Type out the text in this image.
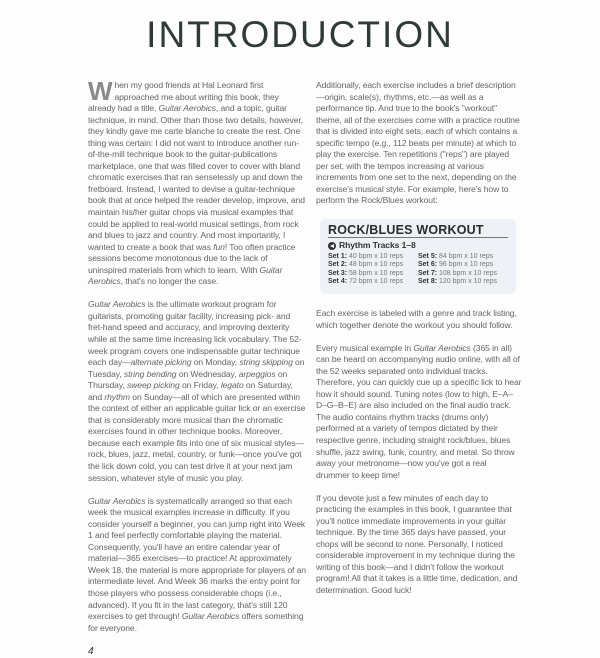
INTRODUCTION

When my good friends at Hal Leonard first approached me about writing this book, they already had a title, Guitar Aerobics, and a topic, guitar technique, in mind. Other than those two details, however, they kindly gave me carte blanche to create the rest. One thing was certain: I did not want to introduce another run-of-the-mill technique book to the guitar-publications marketplace, one that was filled cover to cover with bland chromatic exercises that ran senselessly up and down the fretboard. Instead, I wanted to devise a guitar-technique book that at once helped the reader develop, improve, and maintain his/her guitar chops via musical examples that could be applied to real-world musical settings, from rock and blues to jazz and country. And most importantly, I wanted to create a book that was fun! Too often practice sessions become monotonous due to the lack of uninspired materials from which to learn. With Guitar Aerobics, that's no longer the case.

Guitar Aerobics is the ultimate workout program for guitarists, promoting guitar facility, increasing pick- and fret-hand speed and accuracy, and improving dexterity while at the same time increasing lick vocabulary. The 52-week program covers one indispensable guitar technique each day—alternate picking on Monday, string skipping on Tuesday, string bending on Wednesday, arpeggios on Thursday, sweep picking on Friday, legato on Saturday, and rhythm on Sunday—all of which are presented within the context of either an applicable guitar lick or an exercise that is considerably more musical than the chromatic exercises found in other technique books. Moreover, because each example fits into one of six musical styles—rock, blues, jazz, metal, country, or funk—once you've got the lick down cold, you can test drive it at your next jam session, whatever style of music you play.

Guitar Aerobics is systematically arranged so that each week the musical examples increase in difficulty. If you consider yourself a beginner, you can jump right into Week 1 and feel perfectly comfortable playing the material. Consequently, you'll have an entire calendar year of material—365 exercises—to practice! At approximately Week 18, the material is more appropriate for players of an intermediate level. And Week 36 marks the entry point for those players who possess considerable chops (i.e., advanced). If you fit in the last category, that's still 120 exercises to get through! Guitar Aerobics offers something for everyone.

4

Additionally, each exercise includes a brief description—origin, scale(s), rhythms, etc.—as well as a performance tip. And true to the book's "workout" theme, all of the exercises come with a practice routine that is divided into eight sets, each of which contains a specific tempo (e.g., 112 beats per minute) at which to play the exercise. Ten repetitions ("reps") are played per set, with the tempos increasing at various increments from one set to the next, depending on the exercise's musical style. For example, here's how to perform the Rock/Blues workout:

ROCK/BLUES WORKOUT
Rhythm Tracks 1–8
Set 1: 40 bpm x 10 reps	Set 5: 84 bpm x 10 reps
Set 2: 48 bpm x 10 reps	Set 6: 96 bpm x 10 reps
Set 3: 58 bpm x 10 reps	Set 7: 108 bpm x 10 reps
Set 4: 72 bpm x 10 reps	Set 8: 120 bpm x 10 reps

Each exercise is labeled with a genre and track listing, which together denote the workout you should follow.

Every musical example in Guitar Aerobics (365 in all) can be heard on accompanying audio online, with all of the 52 weeks separated onto individual tracks. Therefore, you can quickly cue up a specific lick to hear how it should sound. Tuning notes (low to high, E–A–D–G–B–E) are also included on the final audio track. The audio contains rhythm tracks (drums only) performed at a variety of tempos dictated by their respective genre, including straight rock/blues, blues shuffle, jazz swing, funk, country, and metal. So throw away your metronome—now you've got a real drummer to keep time!

If you devote just a few minutes of each day to practicing the examples in this book, I guarantee that you'll notice immediate improvements in your guitar technique. By the time 365 days have passed, your chops will be second to none. Personally, I noticed considerable improvement in my technique during the writing of this book—and I didn't follow the workout program! All that it takes is a little time, dedication, and determination. Good luck!
